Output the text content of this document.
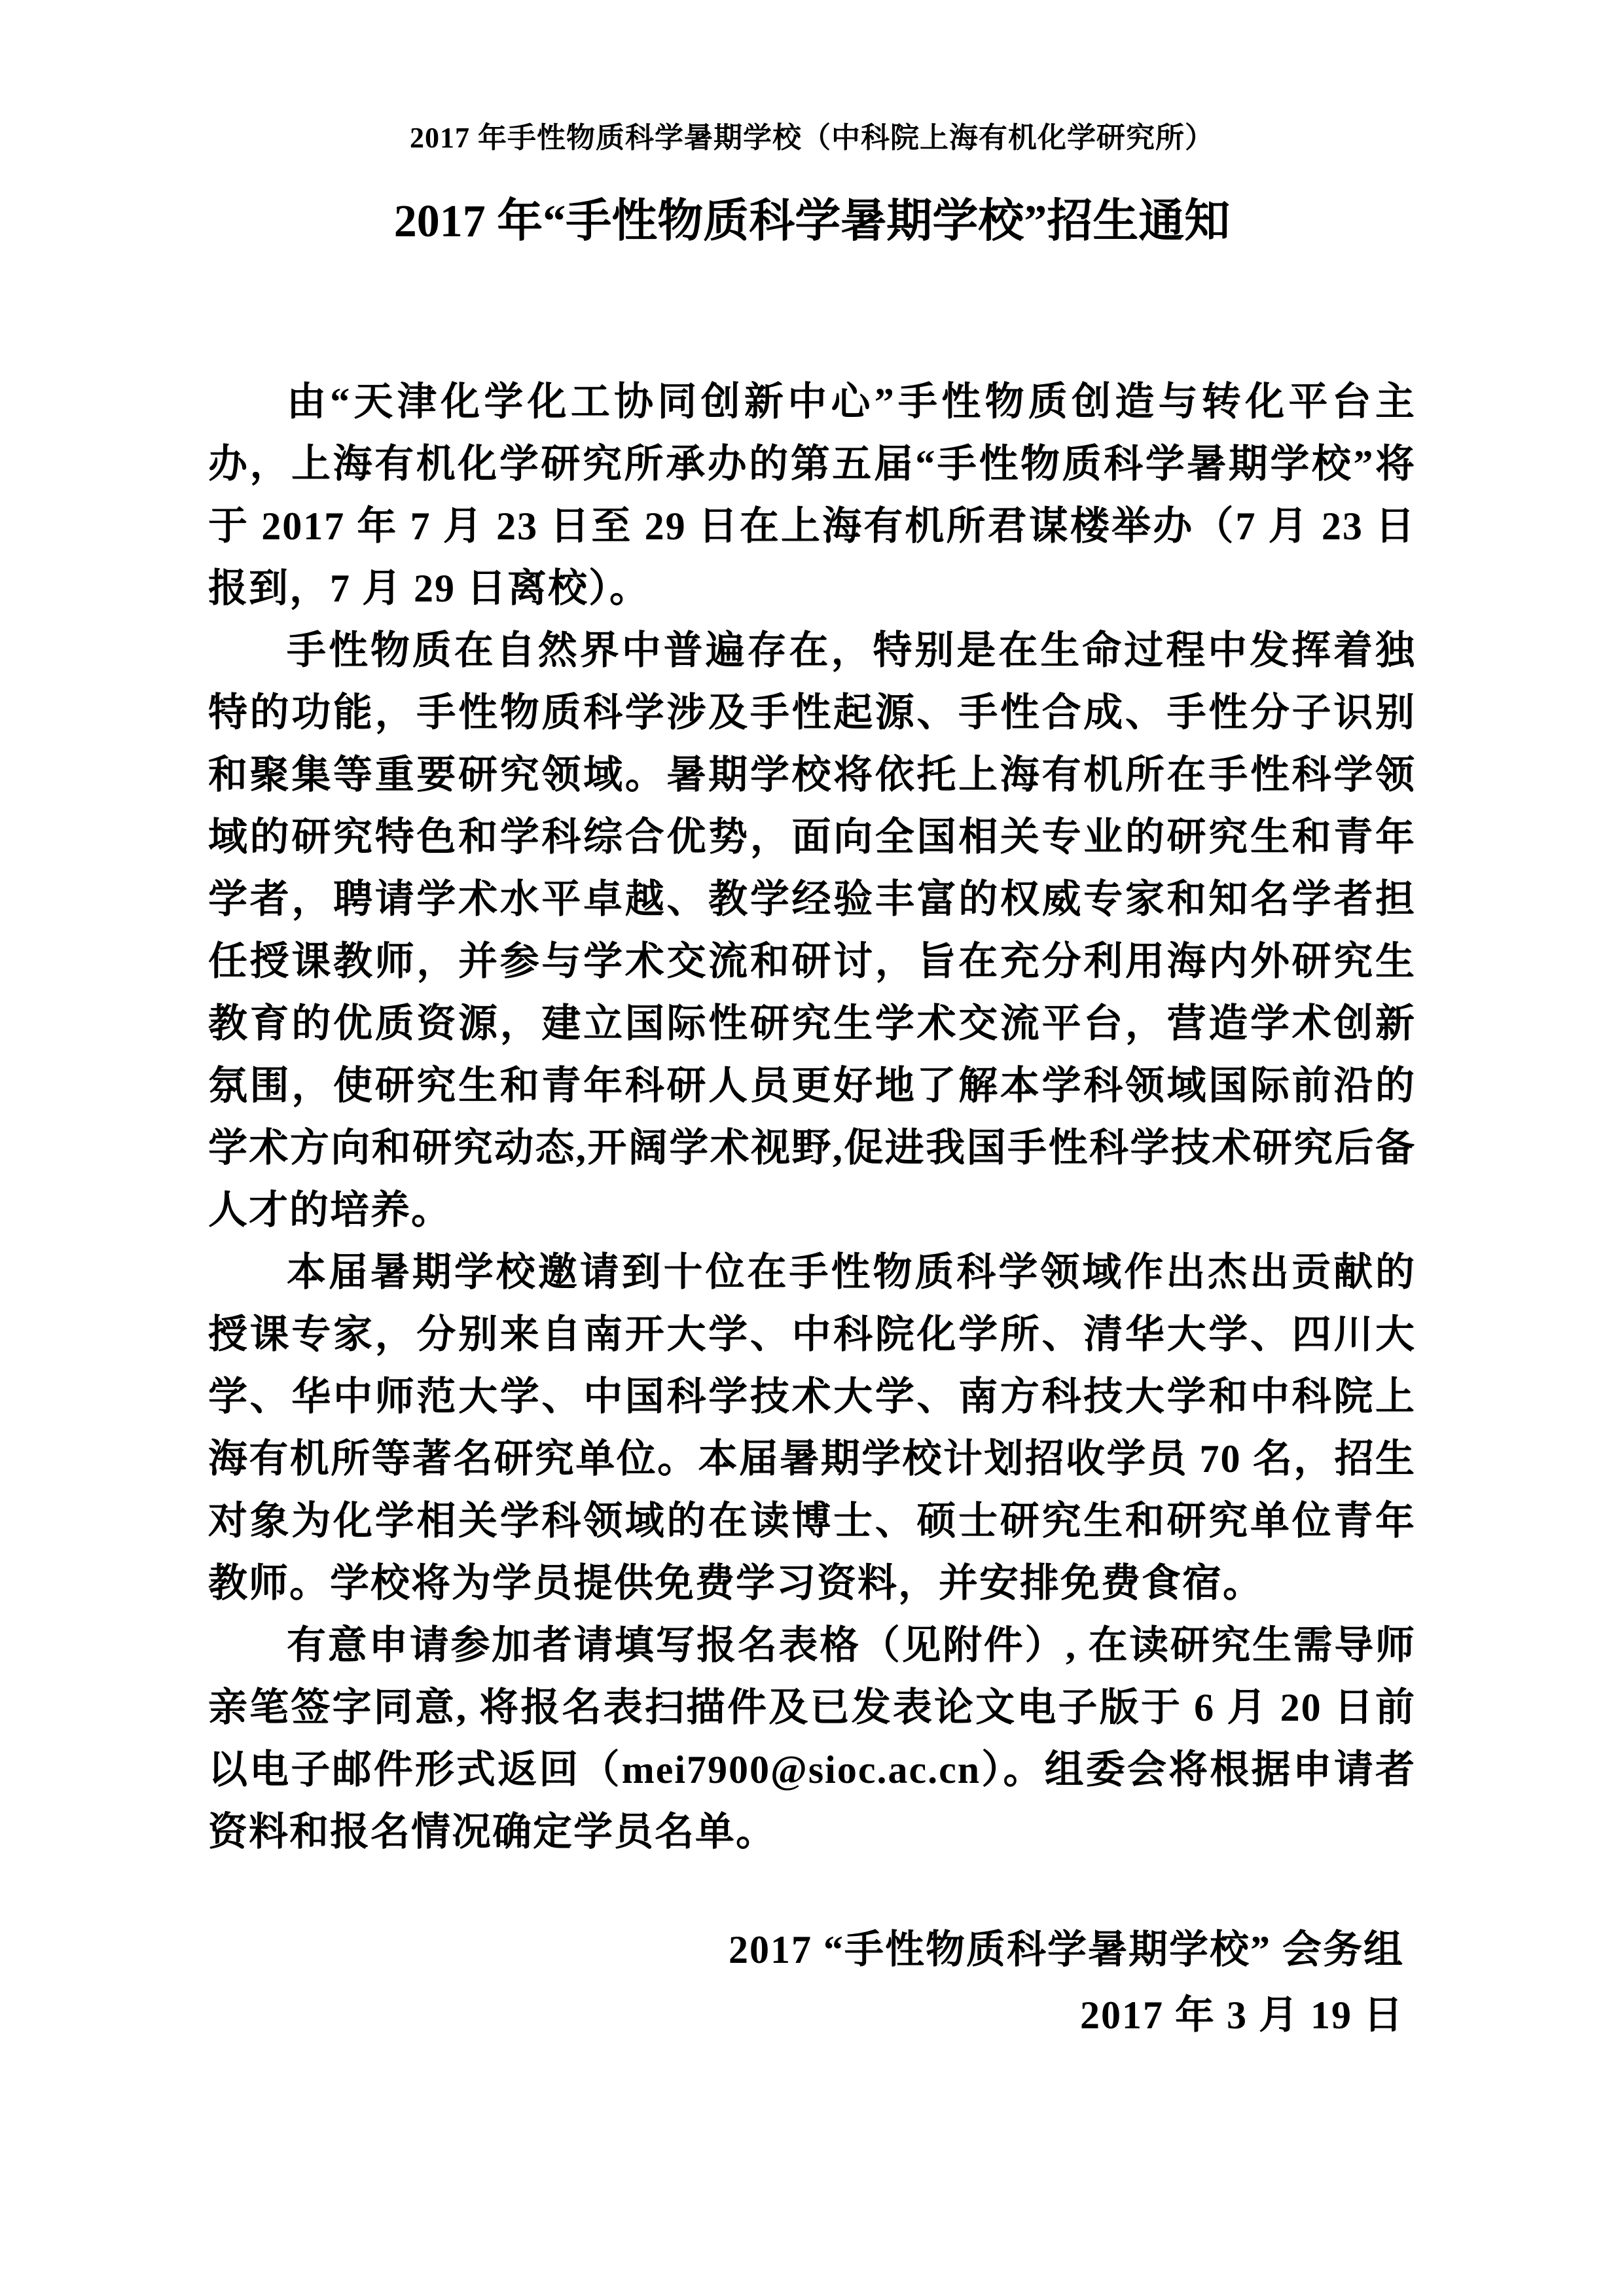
2017 年手性物质科学暑期学校（中科院上海有机化学研究所）
2017 年“手性物质科学暑期学校”招生通知

由“天津化学化工协同创新中心”手性物质创造与转化平台主办，上海有机化学研究所承办的第五届“手性物质科学暑期学校”将于 2017 年 7 月 23 日至 29 日在上海有机所君谋楼举办（7 月 23 日报到，7 月 29 日离校）。

手性物质在自然界中普遍存在，特别是在生命过程中发挥着独特的功能，手性物质科学涉及手性起源、手性合成、手性分子识别和聚集等重要研究领域。暑期学校将依托上海有机所在手性科学领域的研究特色和学科综合优势，面向全国相关专业的研究生和青年学者，聘请学术水平卓越、教学经验丰富的权威专家和知名学者担任授课教师，并参与学术交流和研讨，旨在充分利用海内外研究生教育的优质资源，建立国际性研究生学术交流平台，营造学术创新氛围，使研究生和青年科研人员更好地了解本学科领域国际前沿的学术方向和研究动态,开阔学术视野,促进我国手性科学技术研究后备人才的培养。

本届暑期学校邀请到十位在手性物质科学领域作出杰出贡献的授课专家，分别来自南开大学、中科院化学所、清华大学、四川大学、华中师范大学、中国科学技术大学、南方科技大学和中科院上海有机所等著名研究单位。本届暑期学校计划招收学员 70 名，招生对象为化学相关学科领域的在读博士、硕士研究生和研究单位青年教师。学校将为学员提供免费学习资料，并安排免费食宿。

有意申请参加者请填写报名表格（见附件）, 在读研究生需导师亲笔签字同意, 将报名表扫描件及已发表论文电子版于 6 月 20 日前以电子邮件形式返回（mei7900@sioc.ac.cn）。组委会将根据申请者资料和报名情况确定学员名单。

2017 “手性物质科学暑期学校” 会务组
2017 年 3 月 19 日
